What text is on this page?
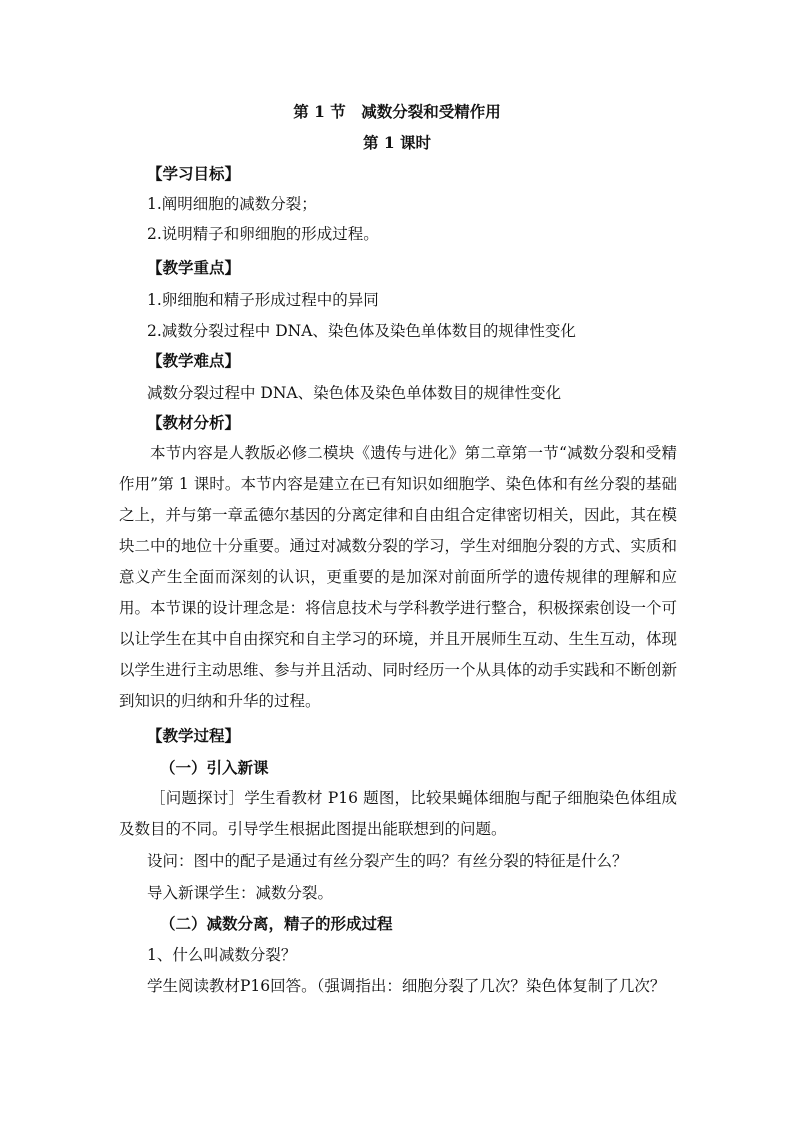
第 1 节　减数分裂和受精作用
第 1 课时
【学习目标】
1.阐明细胞的减数分裂；
2.说明精子和卵细胞的形成过程。
【教学重点】
1.卵细胞和精子形成过程中的异同
2.减数分裂过程中 DNA、染色体及染色单体数目的规律性变化
【教学难点】
减数分裂过程中 DNA、染色体及染色单体数目的规律性变化
【教材分析】
本节内容是人教版必修二模块《遗传与进化》第二章第一节“减数分裂和受精作用”第 1 课时。本节内容是建立在已有知识如细胞学、染色体和有丝分裂的基础之上，并与第一章孟德尔基因的分离定律和自由组合定律密切相关，因此，其在模块二中的地位十分重要。通过对减数分裂的学习，学生对细胞分裂的方式、实质和意义产生全面而深刻的认识，更重要的是加深对前面所学的遗传规律的理解和应用。本节课的设计理念是：将信息技术与学科教学进行整合，积极探索创设一个可以让学生在其中自由探究和自主学习的环境，并且开展师生互动、生生互动，体现以学生进行主动思维、参与并且活动、同时经历一个从具体的动手实践和不断创新到知识的归纳和升华的过程。
【教学过程】
（一）引入新课
［问题探讨］学生看教材 P16 题图，比较果蝇体细胞与配子细胞染色体组成及数目的不同。引导学生根据此图提出能联想到的问题。
设问：图中的配子是通过有丝分裂产生的吗？有丝分裂的特征是什么？
导入新课学生：减数分裂。
（二）减数分离，精子的形成过程
1、什么叫减数分裂？
学生阅读教材P16回答。（强调指出：细胞分裂了几次？染色体复制了几次？
